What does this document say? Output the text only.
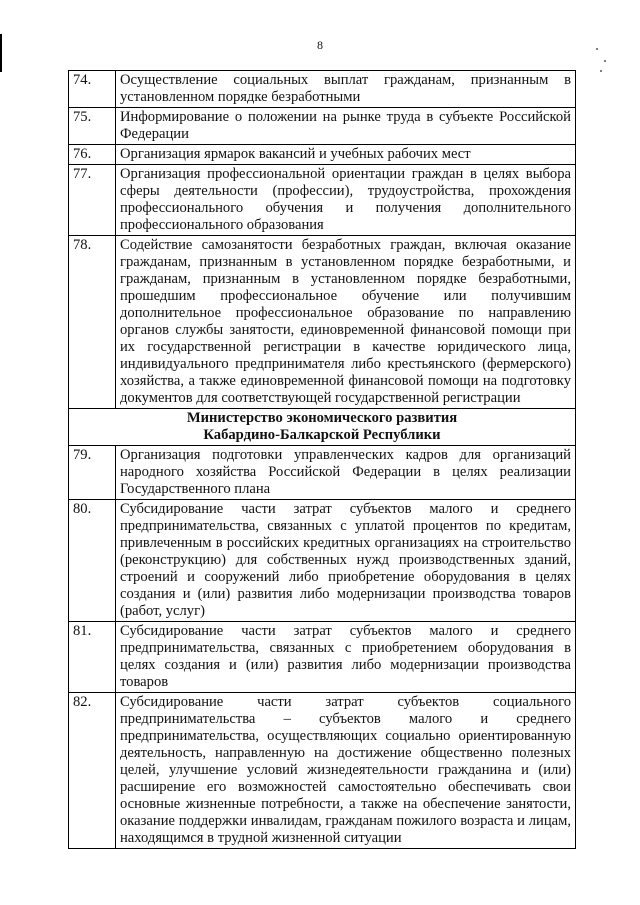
8
74.	Осуществление социальных выплат гражданам, признанным в установленном порядке безработными
75.	Информирование о положении на рынке труда в субъекте Российской Федерации
76.	Организация ярмарок вакансий и учебных рабочих мест
77.	Организация профессиональной ориентации граждан в целях выбора сферы деятельности (профессии), трудоустройства, прохождения профессионального обучения и получения дополнительного профессионального образования
78.	Содействие самозанятости безработных граждан, включая оказание гражданам, признанным в установленном порядке безработными, и гражданам, признанным в установленном порядке безработными, прошедшим профессиональное обучение или получившим дополнительное профессиональное образование по направлению органов службы занятости, единовременной финансовой помощи при их государственной регистрации в качестве юридического лица, индивидуального предпринимателя либо крестьянского (фермерского) хозяйства, а также единовременной финансовой помощи на подготовку документов для соответствующей государственной регистрации

Министерство экономического развития
Кабардино-Балкарской Республики	

79.	Организация подготовки управленческих кадров для организаций народного хозяйства Российской Федерации в целях реализации Государственного плана
80.	Субсидирование части затрат субъектов малого и среднего предпринимательства, связанных с уплатой процентов по кредитам, привлеченным в российских кредитных организациях на строительство (реконструкцию) для собственных нужд производственных зданий, строений и сооружений либо приобретение оборудования в целях создания и (или) развития либо модернизации производства товаров (работ, услуг)
81.	Субсидирование части затрат субъектов малого и среднего предпринимательства, связанных с приобретением оборудования в целях создания и (или) развития либо модернизации производства товаров
82.	Субсидирование части затрат субъектов социального предпринимательства – субъектов малого и среднего предпринимательства, осуществляющих социально ориентированную деятельность, направленную на достижение общественно полезных целей, улучшение условий жизнедеятельности гражданина и (или) расширение его возможностей самостоятельно обеспечивать свои основные жизненные потребности, а также на обеспечение занятости, оказание поддержки инвалидам, гражданам пожилого возраста и лицам, находящимся в трудной жизненной ситуации
